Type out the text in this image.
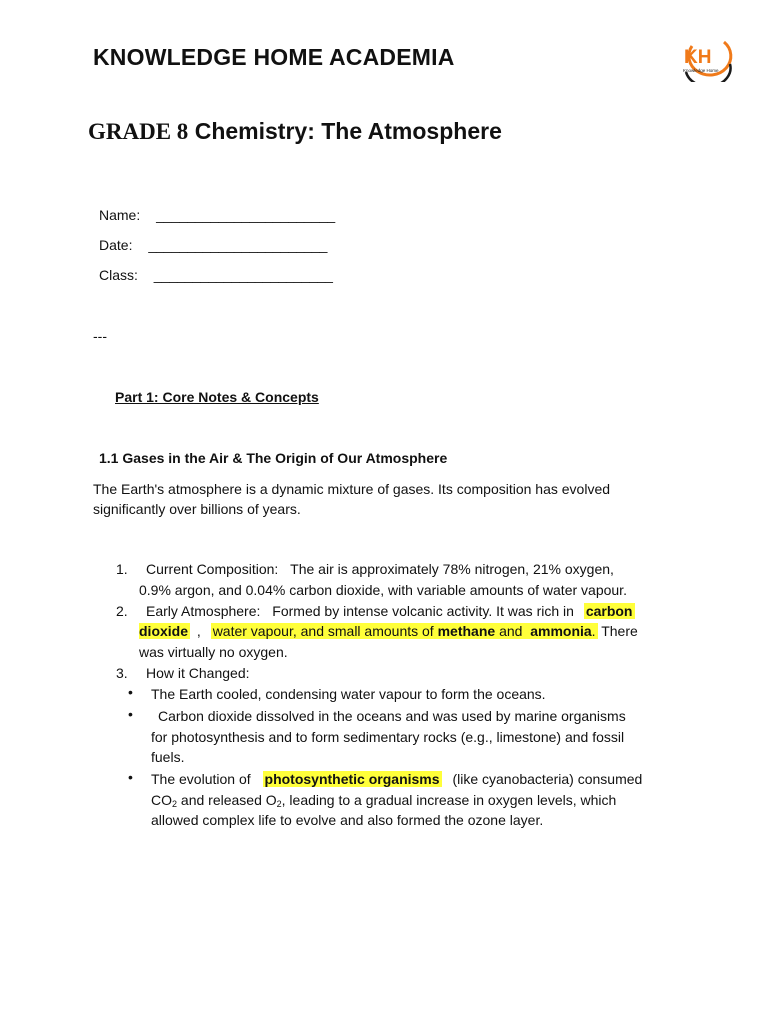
KNOWLEDGE HOME ACADEMIA	KH
Knowledge Home
GRADE 8 Chemistry: The Atmosphere
Name: _______________________
Date: _______________________
Class: _______________________
---
Part 1: Core Notes & Concepts
1.1 Gases in the Air & The Origin of Our Atmosphere
The Earth's atmosphere is a dynamic mixture of gases. Its composition has evolved significantly over billions of years.
1. Current Composition: The air is approximately 78% nitrogen, 21% oxygen,
0.9% argon, and 0.04% carbon dioxide, with variable amounts of water vapour.
2. Early Atmosphere: Formed by intense volcanic activity. It was rich in carbon
dioxide , water vapour, and small amounts of methane and ammonia. There
was virtually no oxygen.
3. How it Changed:
• The Earth cooled, condensing water vapour to form the oceans.
• Carbon dioxide dissolved in the oceans and was used by marine organisms
for photosynthesis and to form sedimentary rocks (e.g., limestone) and fossil
fuels.
• The evolution of photosynthetic organisms (like cyanobacteria) consumed
$CO_2$ and released $O_2$, leading to a gradual increase in oxygen levels, which
allowed complex life to evolve and also formed the ozone layer.
